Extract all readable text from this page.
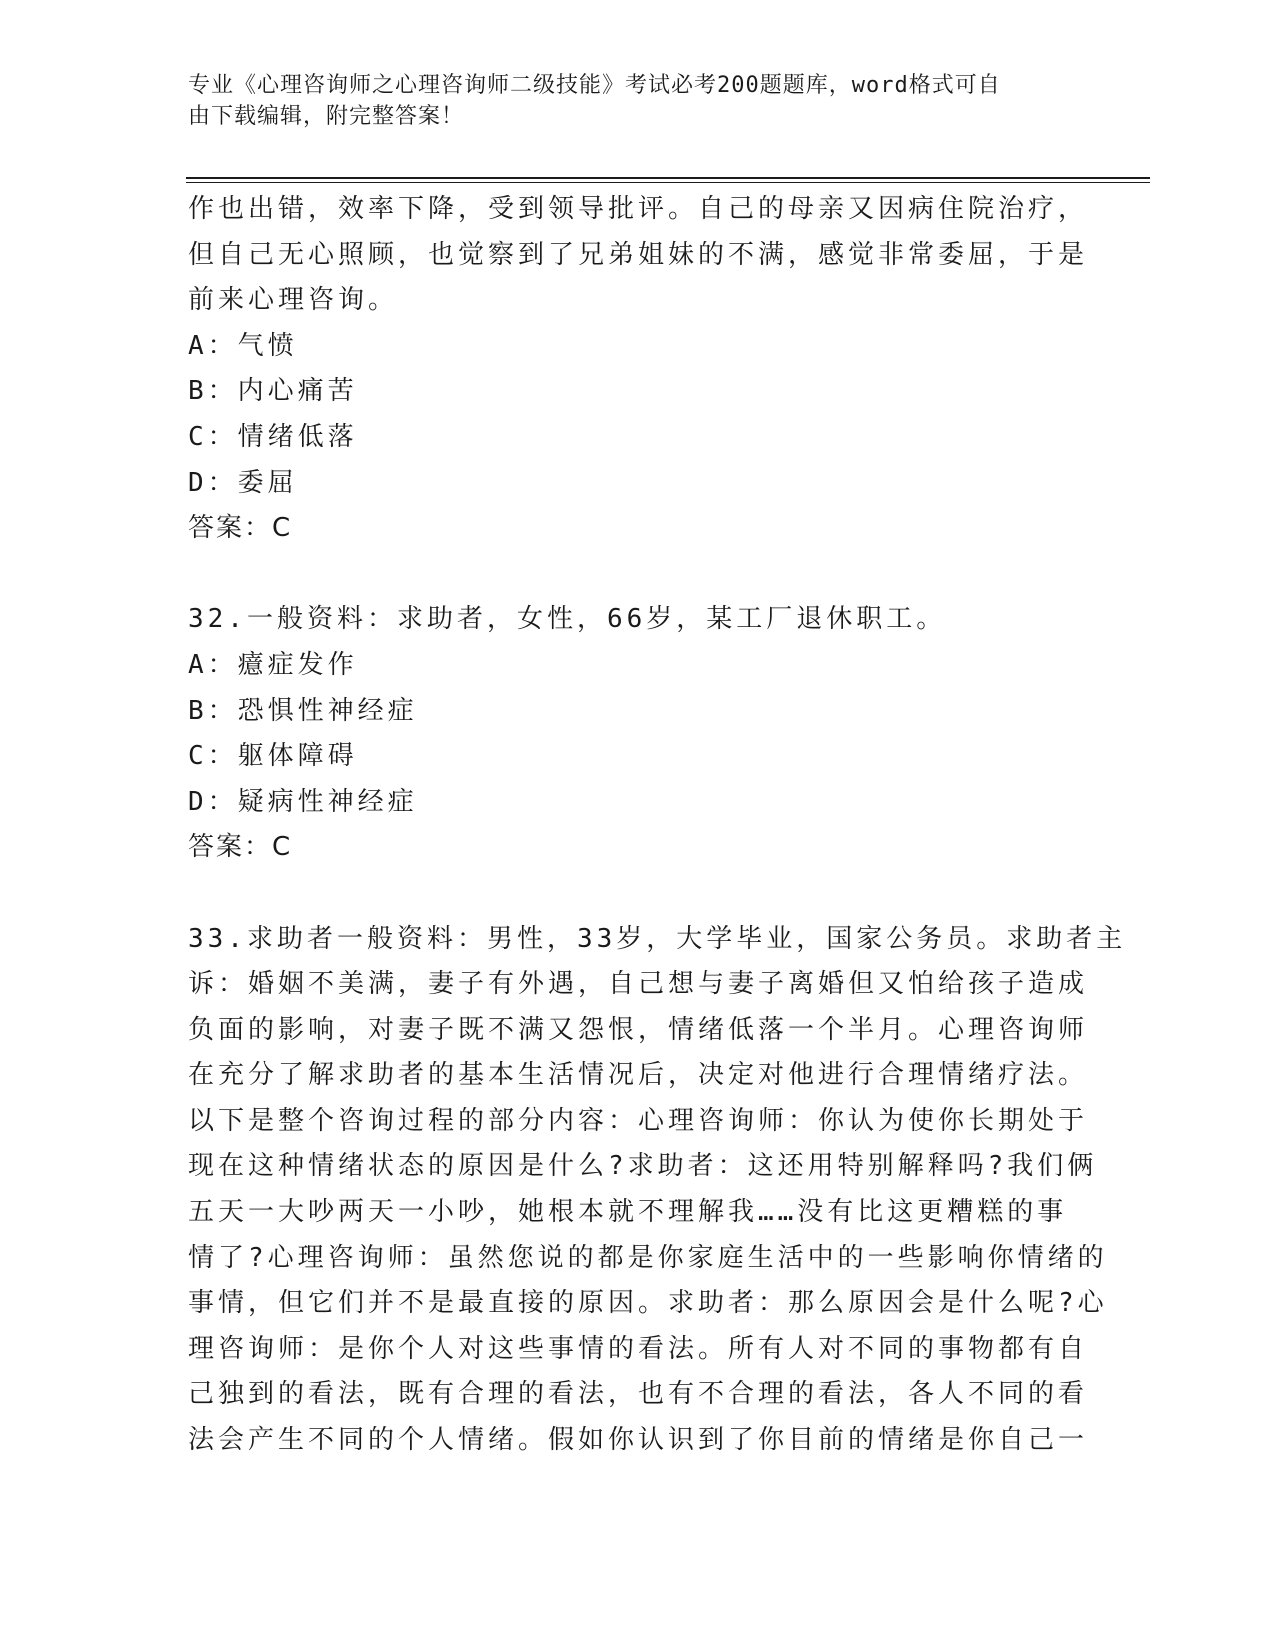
专业《心理咨询师之心理咨询师二级技能》考试必考200题题库，word格式可自
由下载编辑，附完整答案！
作也出错，效率下降，受到领导批评。自己的母亲又因病住院治疗，
但自己无心照顾，也觉察到了兄弟姐妹的不满，感觉非常委屈，于是
前来心理咨询。
A：气愤
B：内心痛苦
C：情绪低落
D：委屈
答案：C
32.一般资料：求助者，女性，66岁，某工厂退休职工。
A：癔症发作
B：恐惧性神经症
C：躯体障碍
D：疑病性神经症
答案：C
33.求助者一般资料：男性，33岁，大学毕业，国家公务员。求助者主
诉：婚姻不美满，妻子有外遇，自己想与妻子离婚但又怕给孩子造成
负面的影响，对妻子既不满又怨恨，情绪低落一个半月。心理咨询师
在充分了解求助者的基本生活情况后，决定对他进行合理情绪疗法。
以下是整个咨询过程的部分内容：心理咨询师：你认为使你长期处于
现在这种情绪状态的原因是什么?求助者：这还用特别解释吗?我们俩
五天一大吵两天一小吵，她根本就不理解我……没有比这更糟糕的事
情了?心理咨询师：虽然您说的都是你家庭生活中的一些影响你情绪的
事情，但它们并不是最直接的原因。求助者：那么原因会是什么呢?心
理咨询师：是你个人对这些事情的看法。所有人对不同的事物都有自
己独到的看法，既有合理的看法，也有不合理的看法，各人不同的看
法会产生不同的个人情绪。假如你认识到了你目前的情绪是你自己一
